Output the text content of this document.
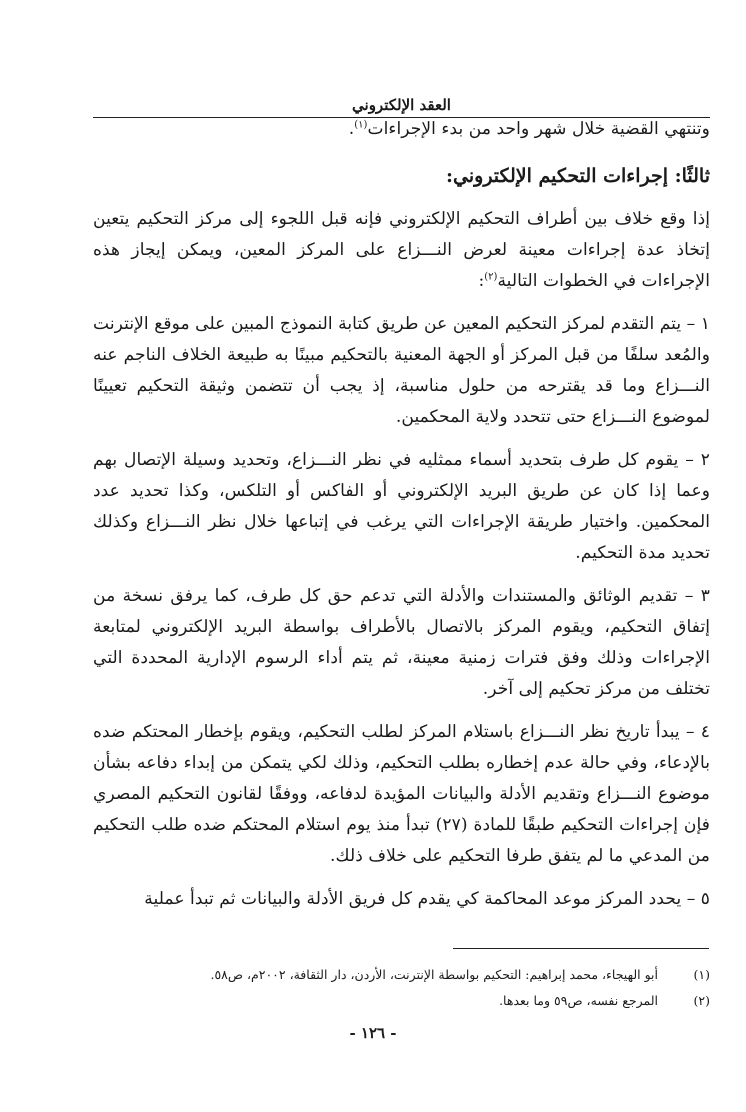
العقد الإلكتروني

وتنتهي القضية خلال شهر واحد من بدء الإجراءات$^{(١)}$.

ثالثًا: إجراءات التحكيم الإلكتروني:

إذا وقع خلاف بين أطراف التحكيم الإلكتروني فإنه قبل اللجوء إلى مركز التحكيم يتعين إتخاذ عدة إجراءات معينة لعرض النـــزاع على المركز المعين، ويمكن إيجاز هذه الإجراءات في الخطوات التالية$^{(٢)}$:

١ – يتم التقدم لمركز التحكيم المعين عن طريق كتابة النموذج المبين على موقع الإنترنت والمُعد سلفًا من قبل المركز أو الجهة المعنية بالتحكيم مبينًا به طبيعة الخلاف الناجم عنه النـــزاع وما قد يقترحه من حلول مناسبة، إذ يجب أن تتضمن وثيقة التحكيم تعيينًا لموضوع النـــزاع حتى تتحدد ولاية المحكمين.

٢ – يقوم كل طرف بتحديد أسماء ممثليه في نظر النـــزاع، وتحديد وسيلة الإتصال بهم وعما إذا كان عن طريق البريد الإلكتروني أو الفاكس أو التلكس، وكذا تحديد عدد المحكمين. واختيار طريقة الإجراءات التي يرغب في إتباعها خلال نظر النـــزاع وكذلك تحديد مدة التحكيم.

٣ – تقديم الوثائق والمستندات والأدلة التي تدعم حق كل طرف، كما يرفق نسخة من إتفاق التحكيم، ويقوم المركز بالاتصال بالأطراف بواسطة البريد الإلكتروني لمتابعة الإجراءات وذلك وفق فترات زمنية معينة، ثم يتم أداء الرسوم الإدارية المحددة التي تختلف من مركز تحكيم إلى آخر.

٤ – يبدأ تاريخ نظر النـــزاع باستلام المركز لطلب التحكيم، ويقوم بإخطار المحتكم ضده بالإدعاء، وفي حالة عدم إخطاره بطلب التحكيم، وذلك لكي يتمكن من إبداء دفاعه بشأن موضوع النـــزاع وتقديم الأدلة والبيانات المؤيدة لدفاعه، ووفقًا لقانون التحكيم المصري فإن إجراءات التحكيم طبقًا للمادة (٢٧) تبدأ منذ يوم استلام المحتكم ضده طلب التحكيم من المدعي ما لم يتفق طرفا التحكيم على خلاف ذلك.

٥ – يحدد المركز موعد المحاكمة كي يقدم كل فريق الأدلة والبيانات ثم تبدأ عملية

(١)
أبو الهيجاء، محمد إبراهيم: التحكيم بواسطة الإنترنت، الأردن، دار الثقافة، ٢٠٠٢م، ص٥٨.
(٢)
المرجع نفسه، ص٥٩ وما بعدها.
- ١٢٦ -
